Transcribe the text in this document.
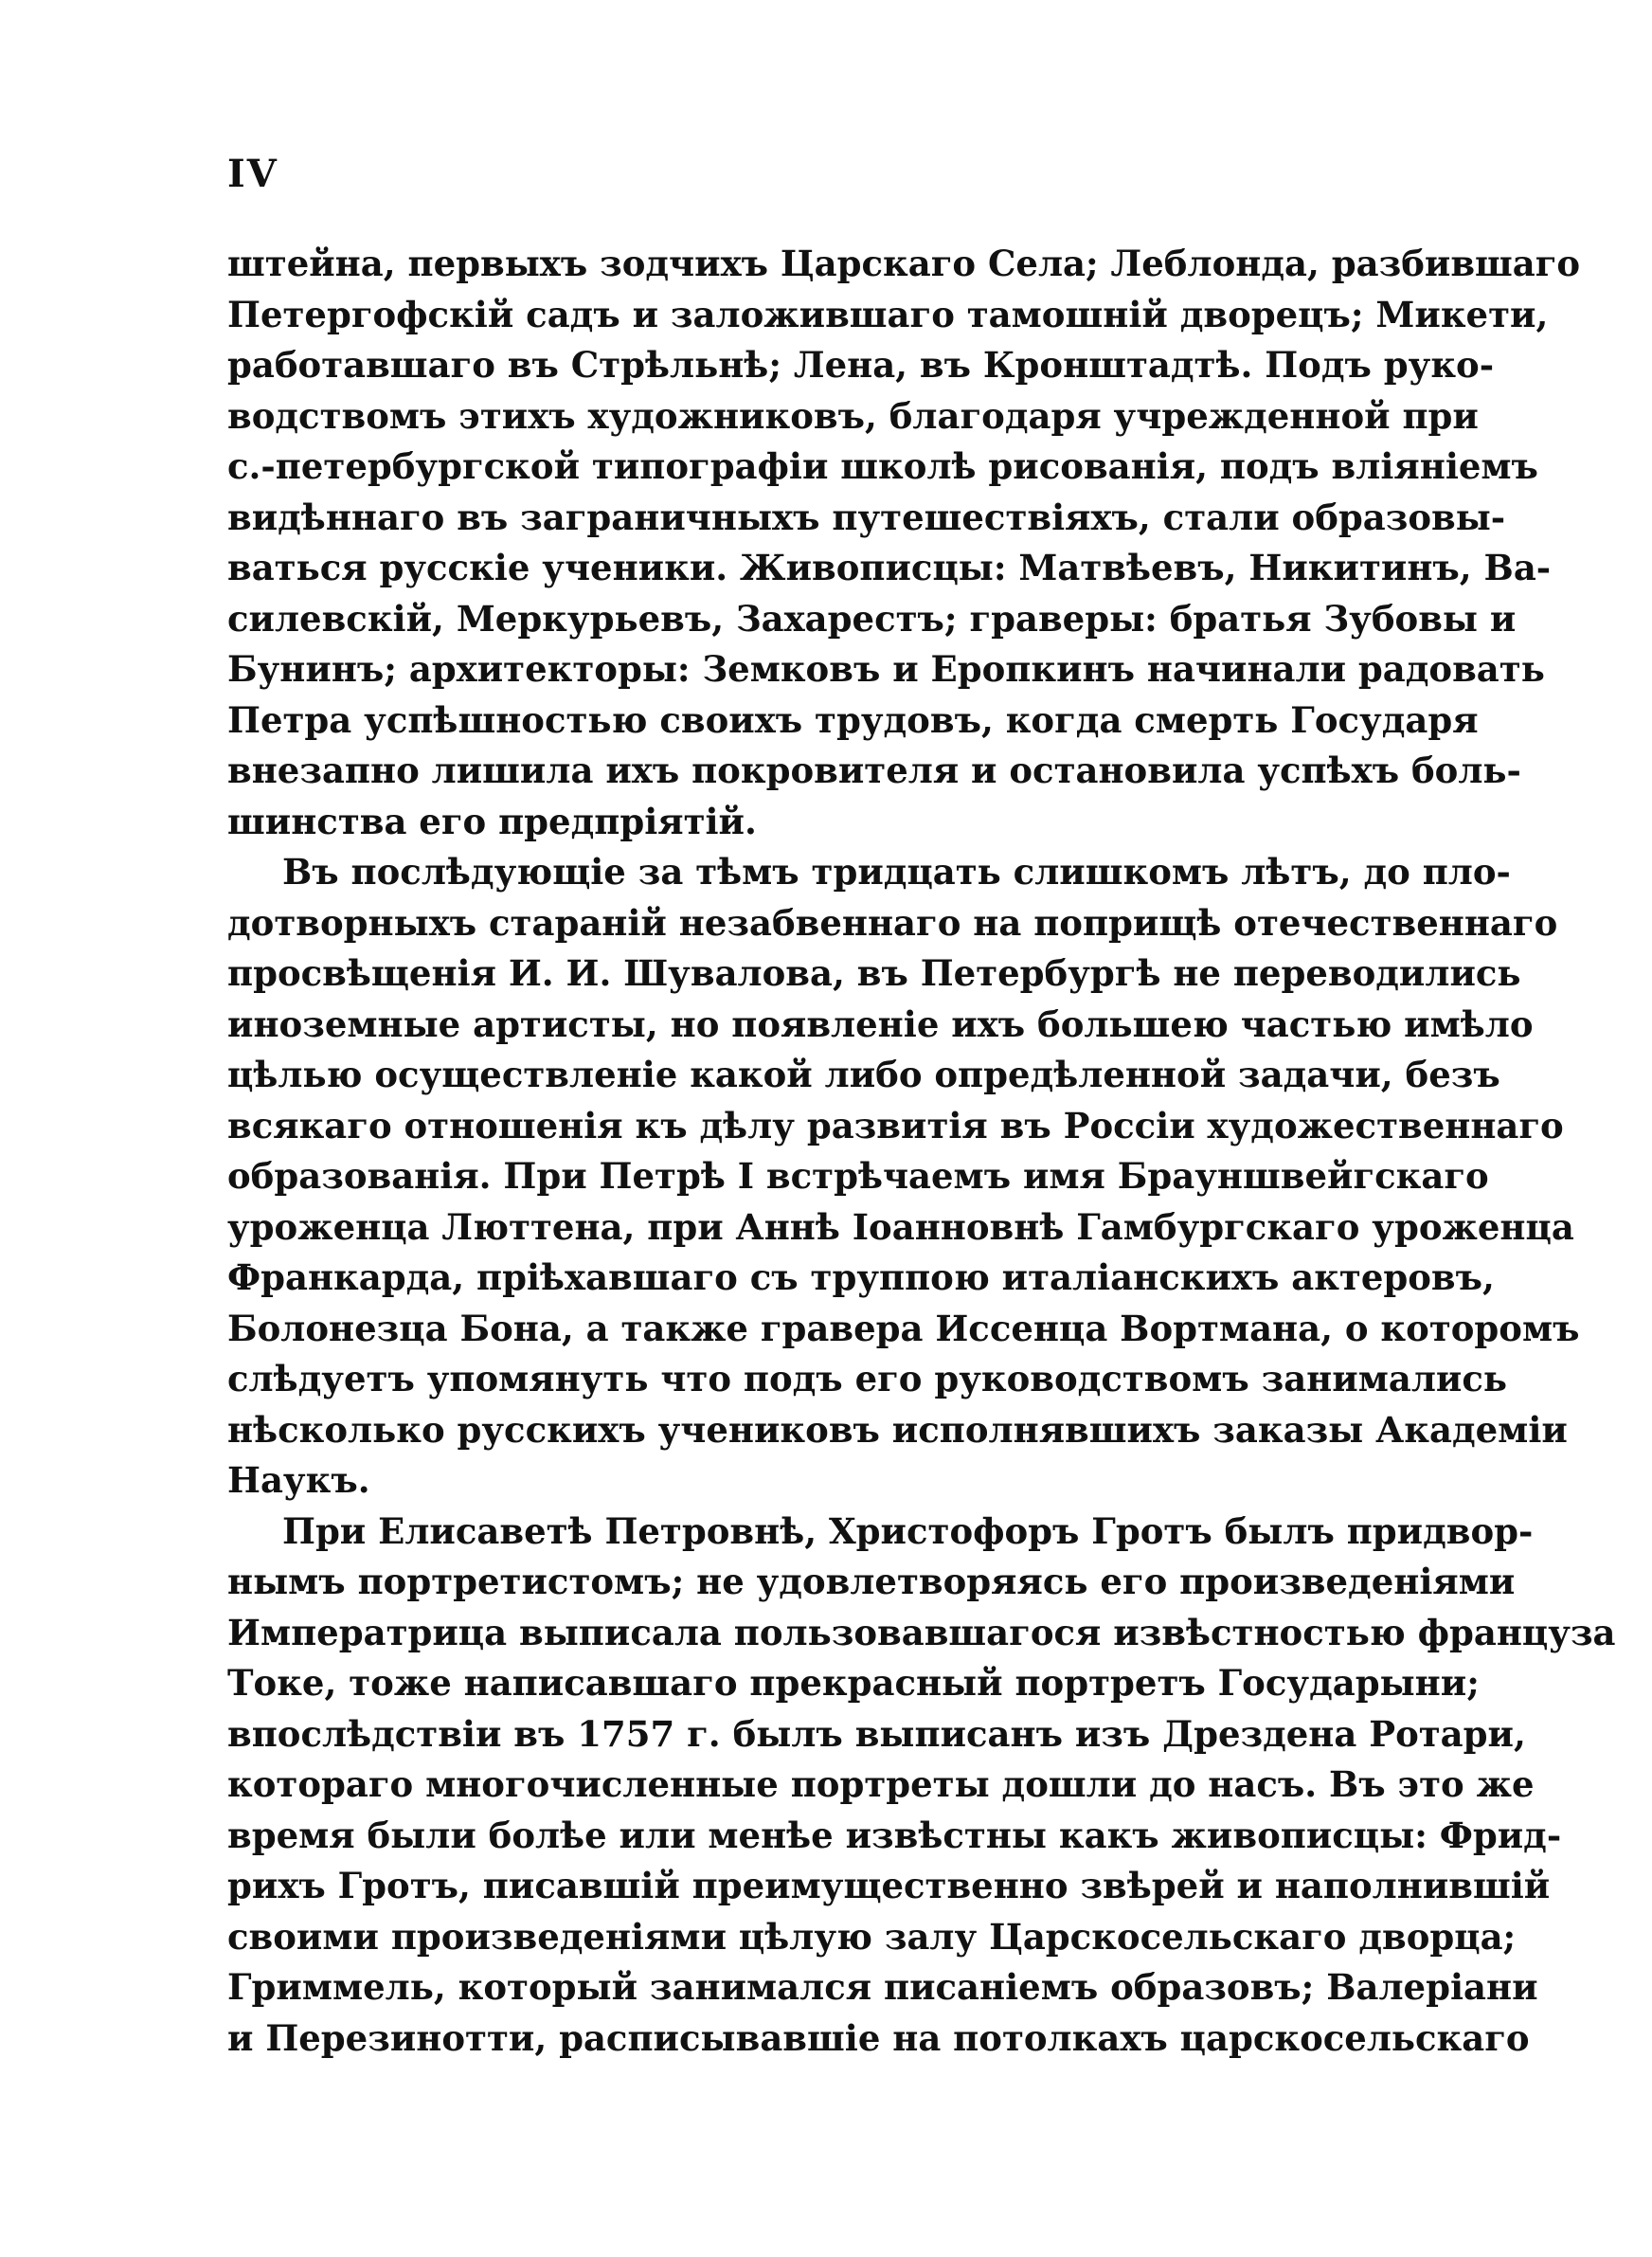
IV
штейна, первыхъ зодчихъ Царскаго Села; Леблонда, разбившаго
Петергофскій садъ и заложившаго тамошній дворецъ; Микети,
работавшаго въ Стрѣльнѣ; Лена, въ Кронштадтѣ. Подъ руко-
водствомъ этихъ художниковъ, благодаря учрежденной при
с.-петербургской типографіи школѣ рисованія, подъ вліяніемъ
видѣннаго въ заграничныхъ путешествіяхъ, стали образовы-
ваться русскіе ученики. Живописцы: Матвѣевъ, Никитинъ, Ва-
силевскій, Меркурьевъ, Захарестъ; граверы: братья Зубовы и
Бунинъ; архитекторы: Земковъ и Еропкинъ начинали радовать
Петра успѣшностью своихъ трудовъ, когда смерть Государя
внезапно лишила ихъ покровителя и остановила успѣхъ боль-
шинства его предпріятій.
Въ послѣдующіе за тѣмъ тридцать слишкомъ лѣтъ, до пло-
дотворныхъ стараній незабвеннаго на поприщѣ отечественнаго
просвѣщенія И. И. Шувалова, въ Петербургѣ не переводились
иноземные артисты, но появленіе ихъ большею частью имѣло
цѣлью осуществленіе какой либо опредѣленной задачи, безъ
всякаго отношенія къ дѣлу развитія въ Россіи художественнаго
образованія. При Петрѣ I встрѣчаемъ имя Брауншвейгскаго
уроженца Люттена, при Аннѣ Іоанновнѣ Гамбургскаго уроженца
Франкарда, пріѣхавшаго съ труппою италіанскихъ актеровъ,
Болонезца Бона, а также гравера Иссенца Вортмана, о которомъ
слѣдуетъ упомянуть что подъ его руководствомъ занимались
нѣсколько русскихъ учениковъ исполнявшихъ заказы Академіи
Наукъ.
При Елисаветѣ Петровнѣ, Христофоръ Гротъ былъ придвор-
нымъ портретистомъ; не удовлетворяясь его произведеніями
Императрица выписала пользовавшагося извѣстностью француза
Токе, тоже написавшаго прекрасный портретъ Государыни;
впослѣдствіи въ 1757 г. былъ выписанъ изъ Дрездена Ротари,
котораго многочисленные портреты дошли до насъ. Въ это же
время были болѣе или менѣе извѣстны какъ живописцы: Фрид-
рихъ Гротъ, писавшій преимущественно звѣрей и наполнившій
своими произведеніями цѣлую залу Царскосельскаго дворца;
Гриммель, который занимался писаніемъ образовъ; Валеріани
и Перезинотти, расписывавшіе на потолкахъ царскосельскаго
